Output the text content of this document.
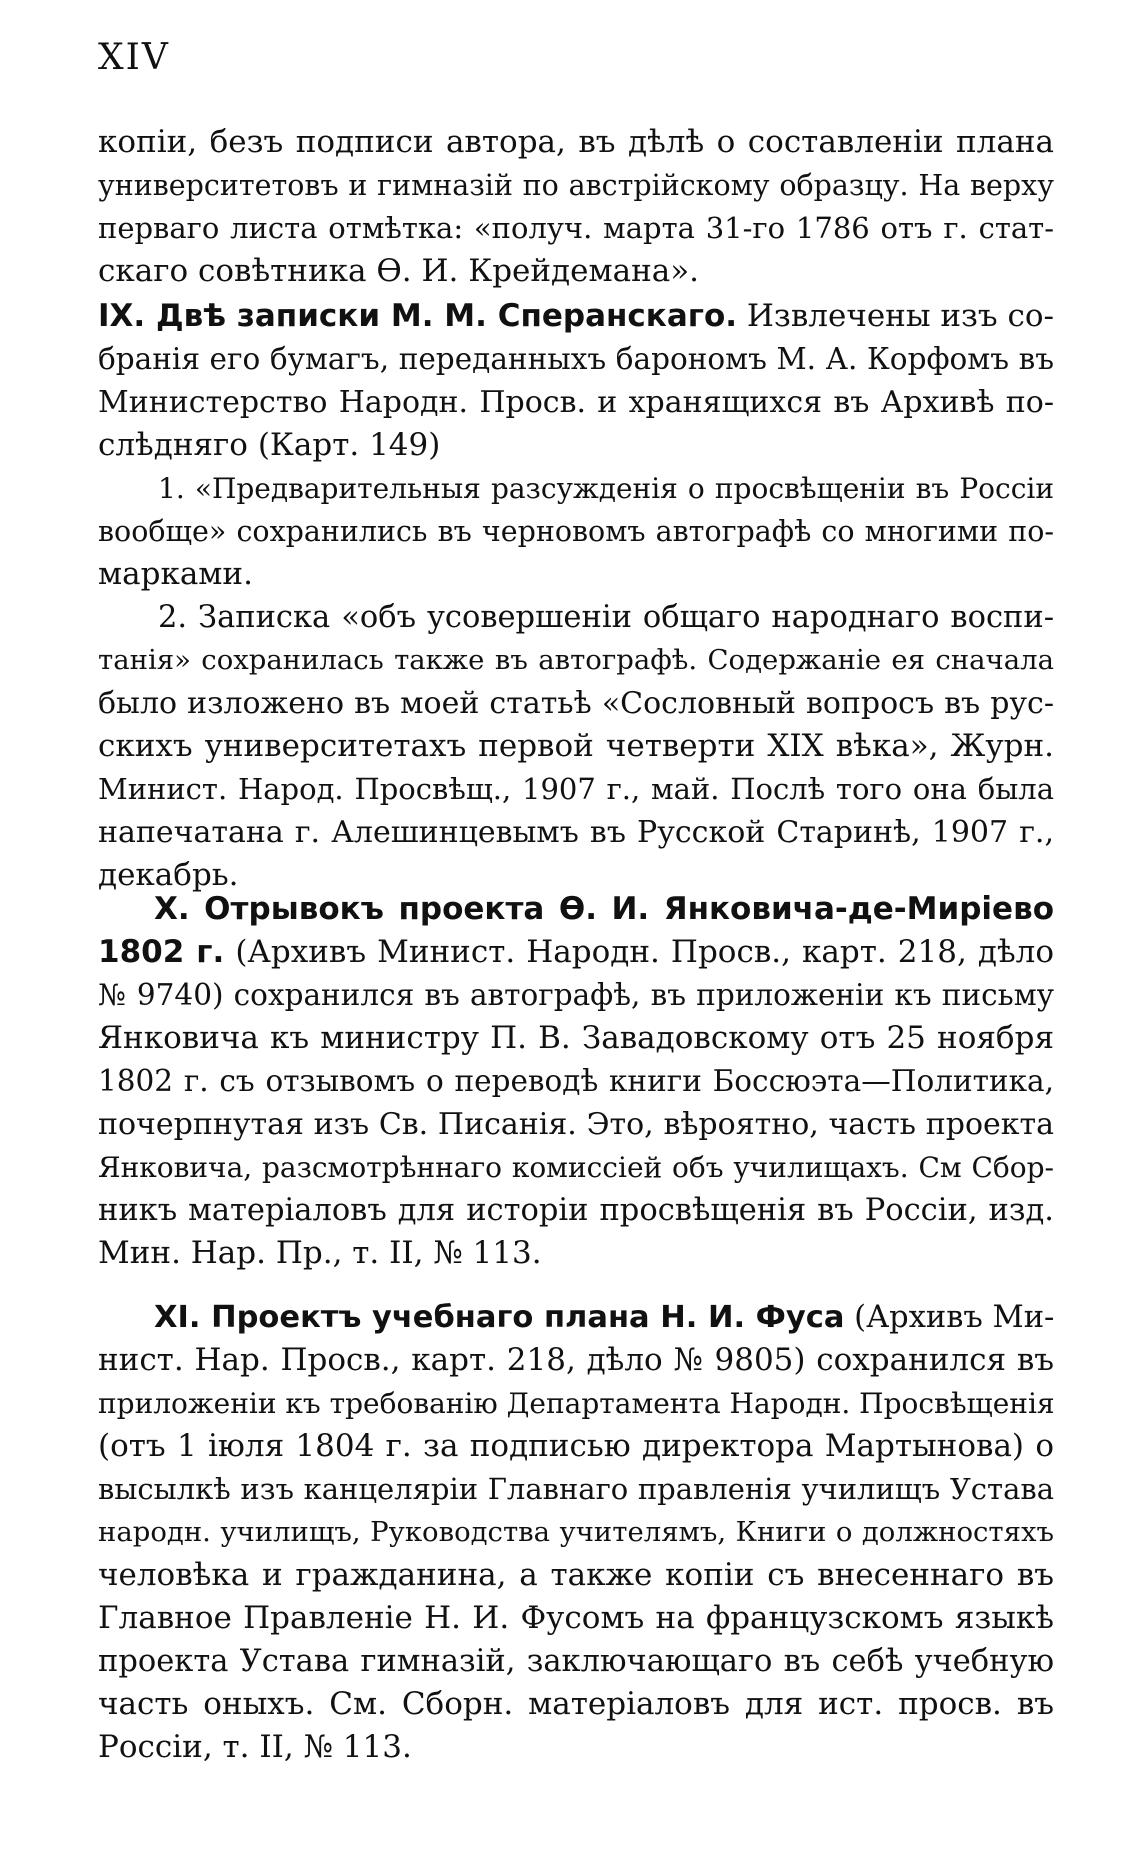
XIV
копіи, безъ подписи автора, въ дѣлѣ о составленіи плана
университетовъ и гимназій по австрійскому образцу. На верху
перваго листа отмѣтка: «получ. марта 31-го 1786 отъ г. стат-
скаго совѣтника Ѳ. И. Крейдемана».
IX. Двѣ записки М. М. Сперанскаго. Извлечены изъ со-
бранія его бумагъ, переданныхъ барономъ М. А. Корфомъ въ
Министерство Народн. Просв. и хранящихся въ Архивѣ по-
слѣдняго (Карт. 149)
1. «Предварительныя разсужденія о просвѣщеніи въ Россіи
вообще» сохранились въ черновомъ автографѣ со многими по-
марками.
2. Записка «объ усовершеніи общаго народнаго воспи-
танія» сохранилась также въ автографѣ. Содержаніе ея сначала
было изложено въ моей статьѣ «Сословный вопросъ въ рус-
скихъ университетахъ первой четверти XIX вѣка», Журн.
Минист. Народ. Просвѣщ., 1907 г., май. Послѣ того она была
напечатана г. Алешинцевымъ въ Русской Старинѣ, 1907 г.,
декабрь.
X. Отрывокъ проекта Ѳ. И. Янковича-де-Миріево
1802 г. (Архивъ Минист. Народн. Просв., карт. 218, дѣло
№ 9740) сохранился въ автографѣ, въ приложеніи къ письму
Янковича къ министру П. В. Завадовскому отъ 25 ноября
1802 г. съ отзывомъ о переводѣ книги Боссюэта—Политика,
почерпнутая изъ Св. Писанія. Это, вѣроятно, часть проекта
Янковича, разсмотрѣннаго комиссіей объ училищахъ. См Сбор-
никъ матеріаловъ для исторіи просвѣщенія въ Россіи, изд.
Мин. Нар. Пр., т. II, № 113.
XI. Проектъ учебнаго плана Н. И. Фуса (Архивъ Ми-
нист. Нар. Просв., карт. 218, дѣло № 9805) сохранился въ
приложеніи къ требованію Департамента Народн. Просвѣщенія
(отъ 1 іюля 1804 г. за подписью директора Мартынова) о
высылкѣ изъ канцеляріи Главнаго правленія училищъ Устава
народн. училищъ, Руководства учителямъ, Книги о должностяхъ
человѣка и гражданина, а также копіи съ внесеннаго въ
Главное Правленіе Н. И. Фусомъ на французскомъ языкѣ
проекта Устава гимназій, заключающаго въ себѣ учебную
часть оныхъ. См. Сборн. матеріаловъ для ист. просв. въ
Россіи, т. II, № 113.
